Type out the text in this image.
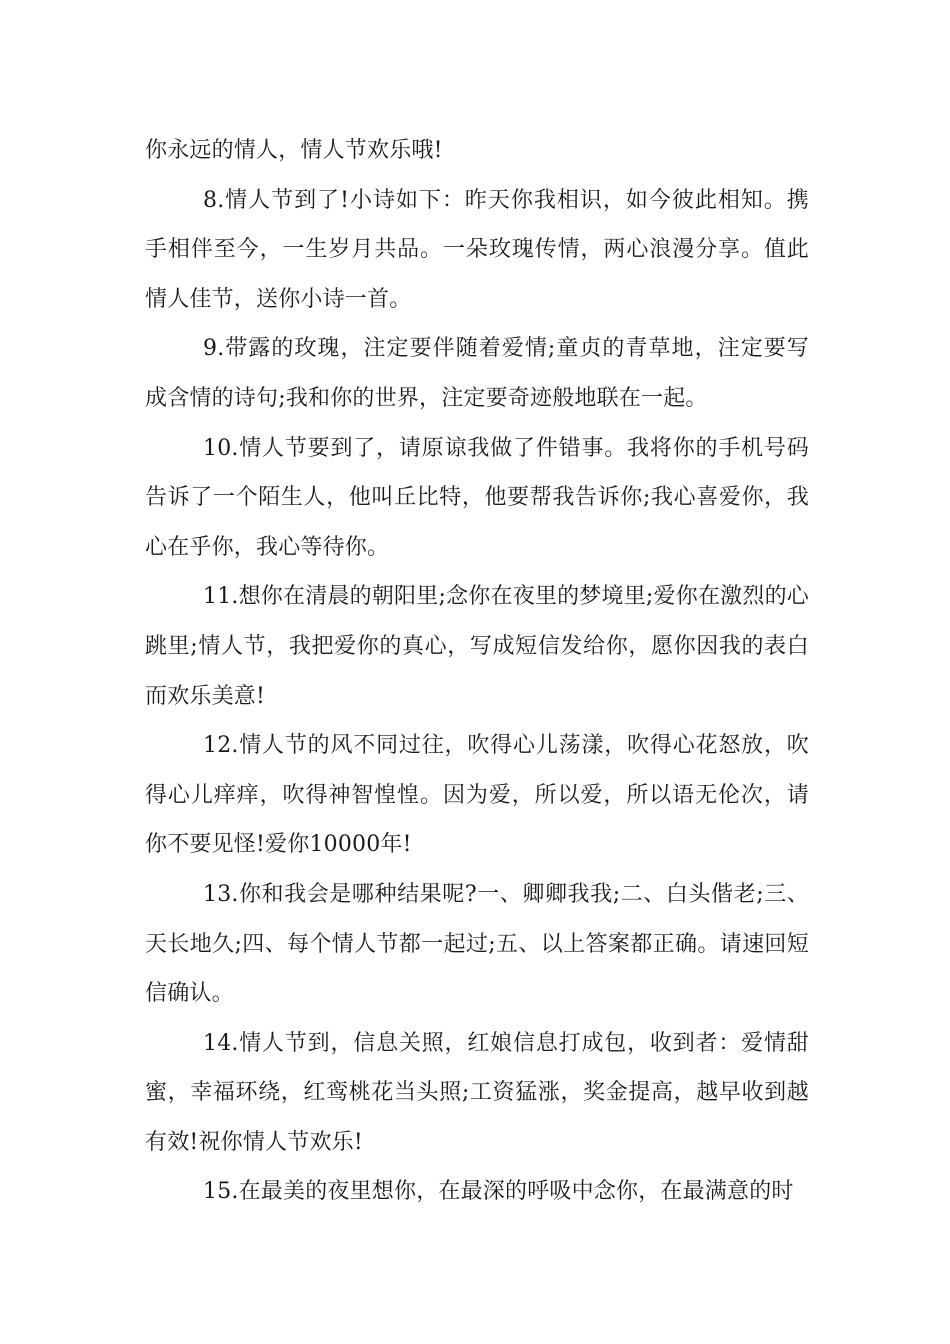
你永远的情人，情人节欢乐哦!

8.情人节到了!小诗如下：昨天你我相识，如今彼此相知。携手相伴至今，一生岁月共品。一朵玫瑰传情，两心浪漫分享。值此情人佳节，送你小诗一首。

9.带露的玫瑰，注定要伴随着爱情;童贞的青草地，注定要写成含情的诗句;我和你的世界，注定要奇迹般地联在一起。

10.情人节要到了，请原谅我做了件错事。我将你的手机号码告诉了一个陌生人，他叫丘比特，他要帮我告诉你;我心喜爱你，我心在乎你，我心等待你。

11.想你在清晨的朝阳里;念你在夜里的梦境里;爱你在激烈的心跳里;情人节，我把爱你的真心，写成短信发给你，愿你因我的表白而欢乐美意!

12.情人节的风不同过往，吹得心儿荡漾，吹得心花怒放，吹得心儿痒痒，吹得神智惶惶。因为爱，所以爱，所以语无伦次，请你不要见怪!爱你10000年!

13.你和我会是哪种结果呢?一、卿卿我我;二、白头偕老;三、天长地久;四、每个情人节都一起过;五、以上答案都正确。请速回短信确认。

14.情人节到，信息关照，红娘信息打成包，收到者：爱情甜蜜，幸福环绕，红鸾桃花当头照;工资猛涨，奖金提高，越早收到越有效!祝你情人节欢乐!

15.在最美的夜里想你，在最深的呼吸中念你，在最满意的时
